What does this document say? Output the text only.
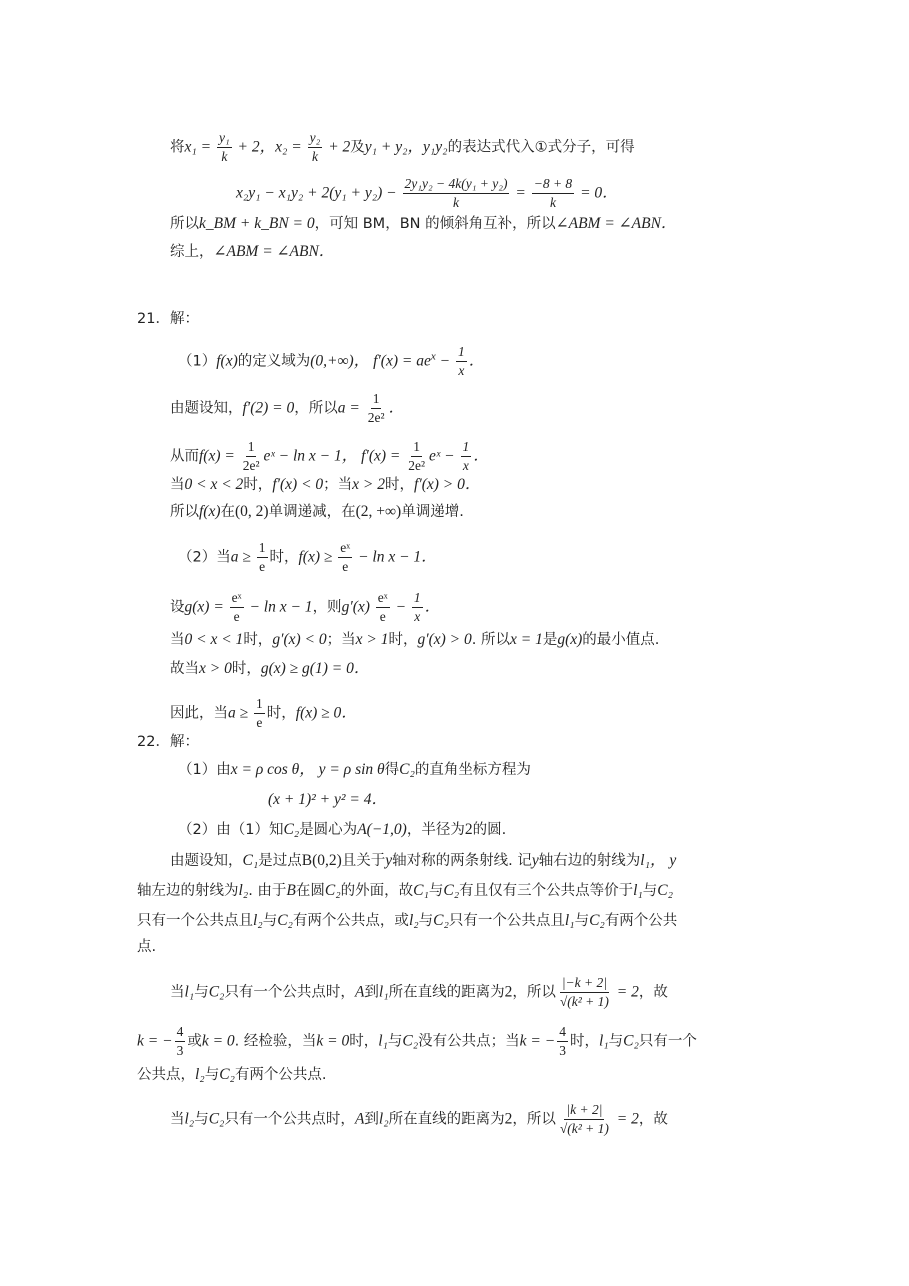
将$x_1 = \frac{\text{y₁}}{k} + 2$，$x_2 = \frac{\text{y₂}}{k} + 2$及y₁ + y₂，y₁y₂的表达式代入①式分子，可得
$x_2y_1 - x_1y_2 + 2(y_1 + y_2) - \frac{\text{2y₁y₂ − 4k(y₁ + y₂)}}{k} = \frac{-8 + 8}{k} = 0$．
所以k_BM + k_BN = 0，可知 BM，BN 的倾斜角互补，所以∠ABM = ∠ABN．
综上，∠ABM = ∠ABN．
21．解：
（1）f(x)的定义域为(0,+∞)， $f'(x) = ae^x - \frac{1}{x}$ ．
由题设知，f′(2) = 0，所以$a = \frac{1}{\text{2e²}}$ ．
从而$f(x) = \frac{1}{\text{2e²}}$ eˣ − ln x − 1， $f'(x) = \frac{1}{\text{2e²}}$ eˣ − $\frac{1}{x}$ ．
当0 < x < 2时，f′(x) < 0；当x > 2时，f′(x) > 0．
所以f(x)在(0, 2)单调递减，在(2, +∞)单调递增.
（2）当$a \ge \frac{1}{e}$ 时，$f(x) \ge \frac{\text{eˣ}}{e} - \ln x - 1$．
设$g(x) = \frac{\text{eˣ}}{e} - \ln x - 1$，则$g'(x) \frac{\text{eˣ}}{e} - \frac{1}{x}$ ．
当0 < x < 1时，g′(x) < 0；当x > 1时，g′(x) > 0. 所以x = 1是g(x)的最小值点.
故当x > 0时，g(x) ≥ g(1) = 0．
因此，当$a \ge \frac{1}{e}$ 时，f(x) ≥ 0．
22．解：
（1）由x = ρ cos θ， y = ρ sin θ得C₂的直角坐标方程为
(x + 1)² + y² = 4．
（2）由（1）知C₂是圆心为A(−1,0)，半径为2的圆.
由题设知，C₁是过点B(0,2)且关于y轴对称的两条射线. 记y轴右边的射线为l₁， y
轴左边的射线为l₂. 由于B在圆C₂的外面，故C₁与C₂有且仅有三个公共点等价于l₁与C₂
只有一个公共点且l₂与C₂有两个公共点，或l₂与C₂只有一个公共点且l₁与C₂有两个公共
点.
当l₁与C₂只有一个公共点时，A到l₁所在直线的距离为2，所以 $\frac{|-k + 2|}{\text{√(k² + 1)}} = 2$，故
k = − $\frac{4}{3}$ 或k = 0. 经检验，当k = 0时，l₁与C₂没有公共点；当k = − $\frac{4}{3}$ 时，l₁与C₂只有一个
公共点，l₂与C₂有两个公共点.
当l₂与C₂只有一个公共点时，A到l₂所在直线的距离为2，所以 $\frac{|k + 2|}{\text{√(k² + 1)}} = 2$，故
